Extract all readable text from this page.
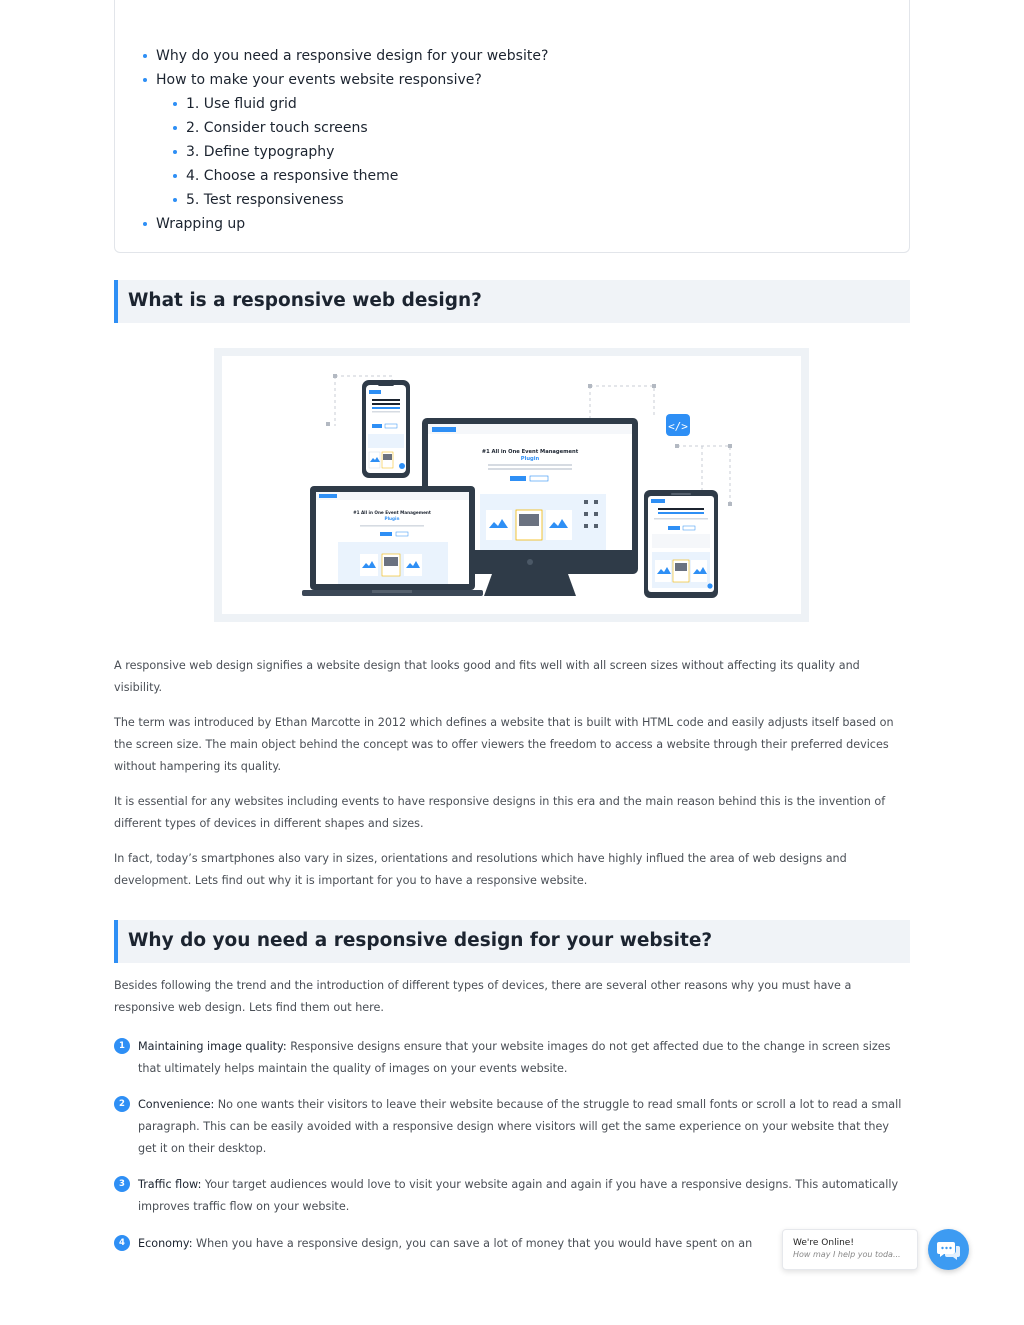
Why do you need a responsive design for your website?
How to make your events website responsive?
1. Use fluid grid
2. Consider touch screens
3. Define typography
4. Choose a responsive theme
5. Test responsiveness
Wrapping up
What is a responsive web design?
</>
#1 All in One Event Management
Plugin
#1 All in One Event Management
Plugin

A responsive web design signifies a website design that looks good and fits well with all screen sizes without affecting its quality and visibility.

The term was introduced by Ethan Marcotte in 2012 which defines a website that is built with HTML code and easily adjusts itself based on the screen size. The main object behind the concept was to offer viewers the freedom to access a website through their preferred devices without hampering its quality.

It is essential for any websites including events to have responsive designs in this era and the main reason behind this is the invention of different types of devices in different shapes and sizes.

In fact, today’s smartphones also vary in sizes, orientations and resolutions which have highly influed the area of web designs and development. Lets find out why it is important for you to have a responsive website.

Why do you need a responsive design for your website?

Besides following the trend and the introduction of different types of devices, there are several other reasons why you must have a responsive web design. Lets find them out here.

1	Maintaining image quality: Responsive designs ensure that your website images do not get affected due to the change in screen sizes that ultimately helps maintain the quality of images on your events website.
2	Convenience: No one wants their visitors to leave their website because of the struggle to read small fonts or scroll a lot to read a small paragraph. This can be easily avoided with a responsive design where visitors will get the same experience on your website that they get it on their desktop.
3	Traffic flow: Your target audiences would love to visit your website again and again if you have a responsive designs. This automatically improves traffic flow on your website.
4	Economy: When you have a responsive design, you can save a lot of money that you would have spent on an	We're Online!
How may I help you toda...
